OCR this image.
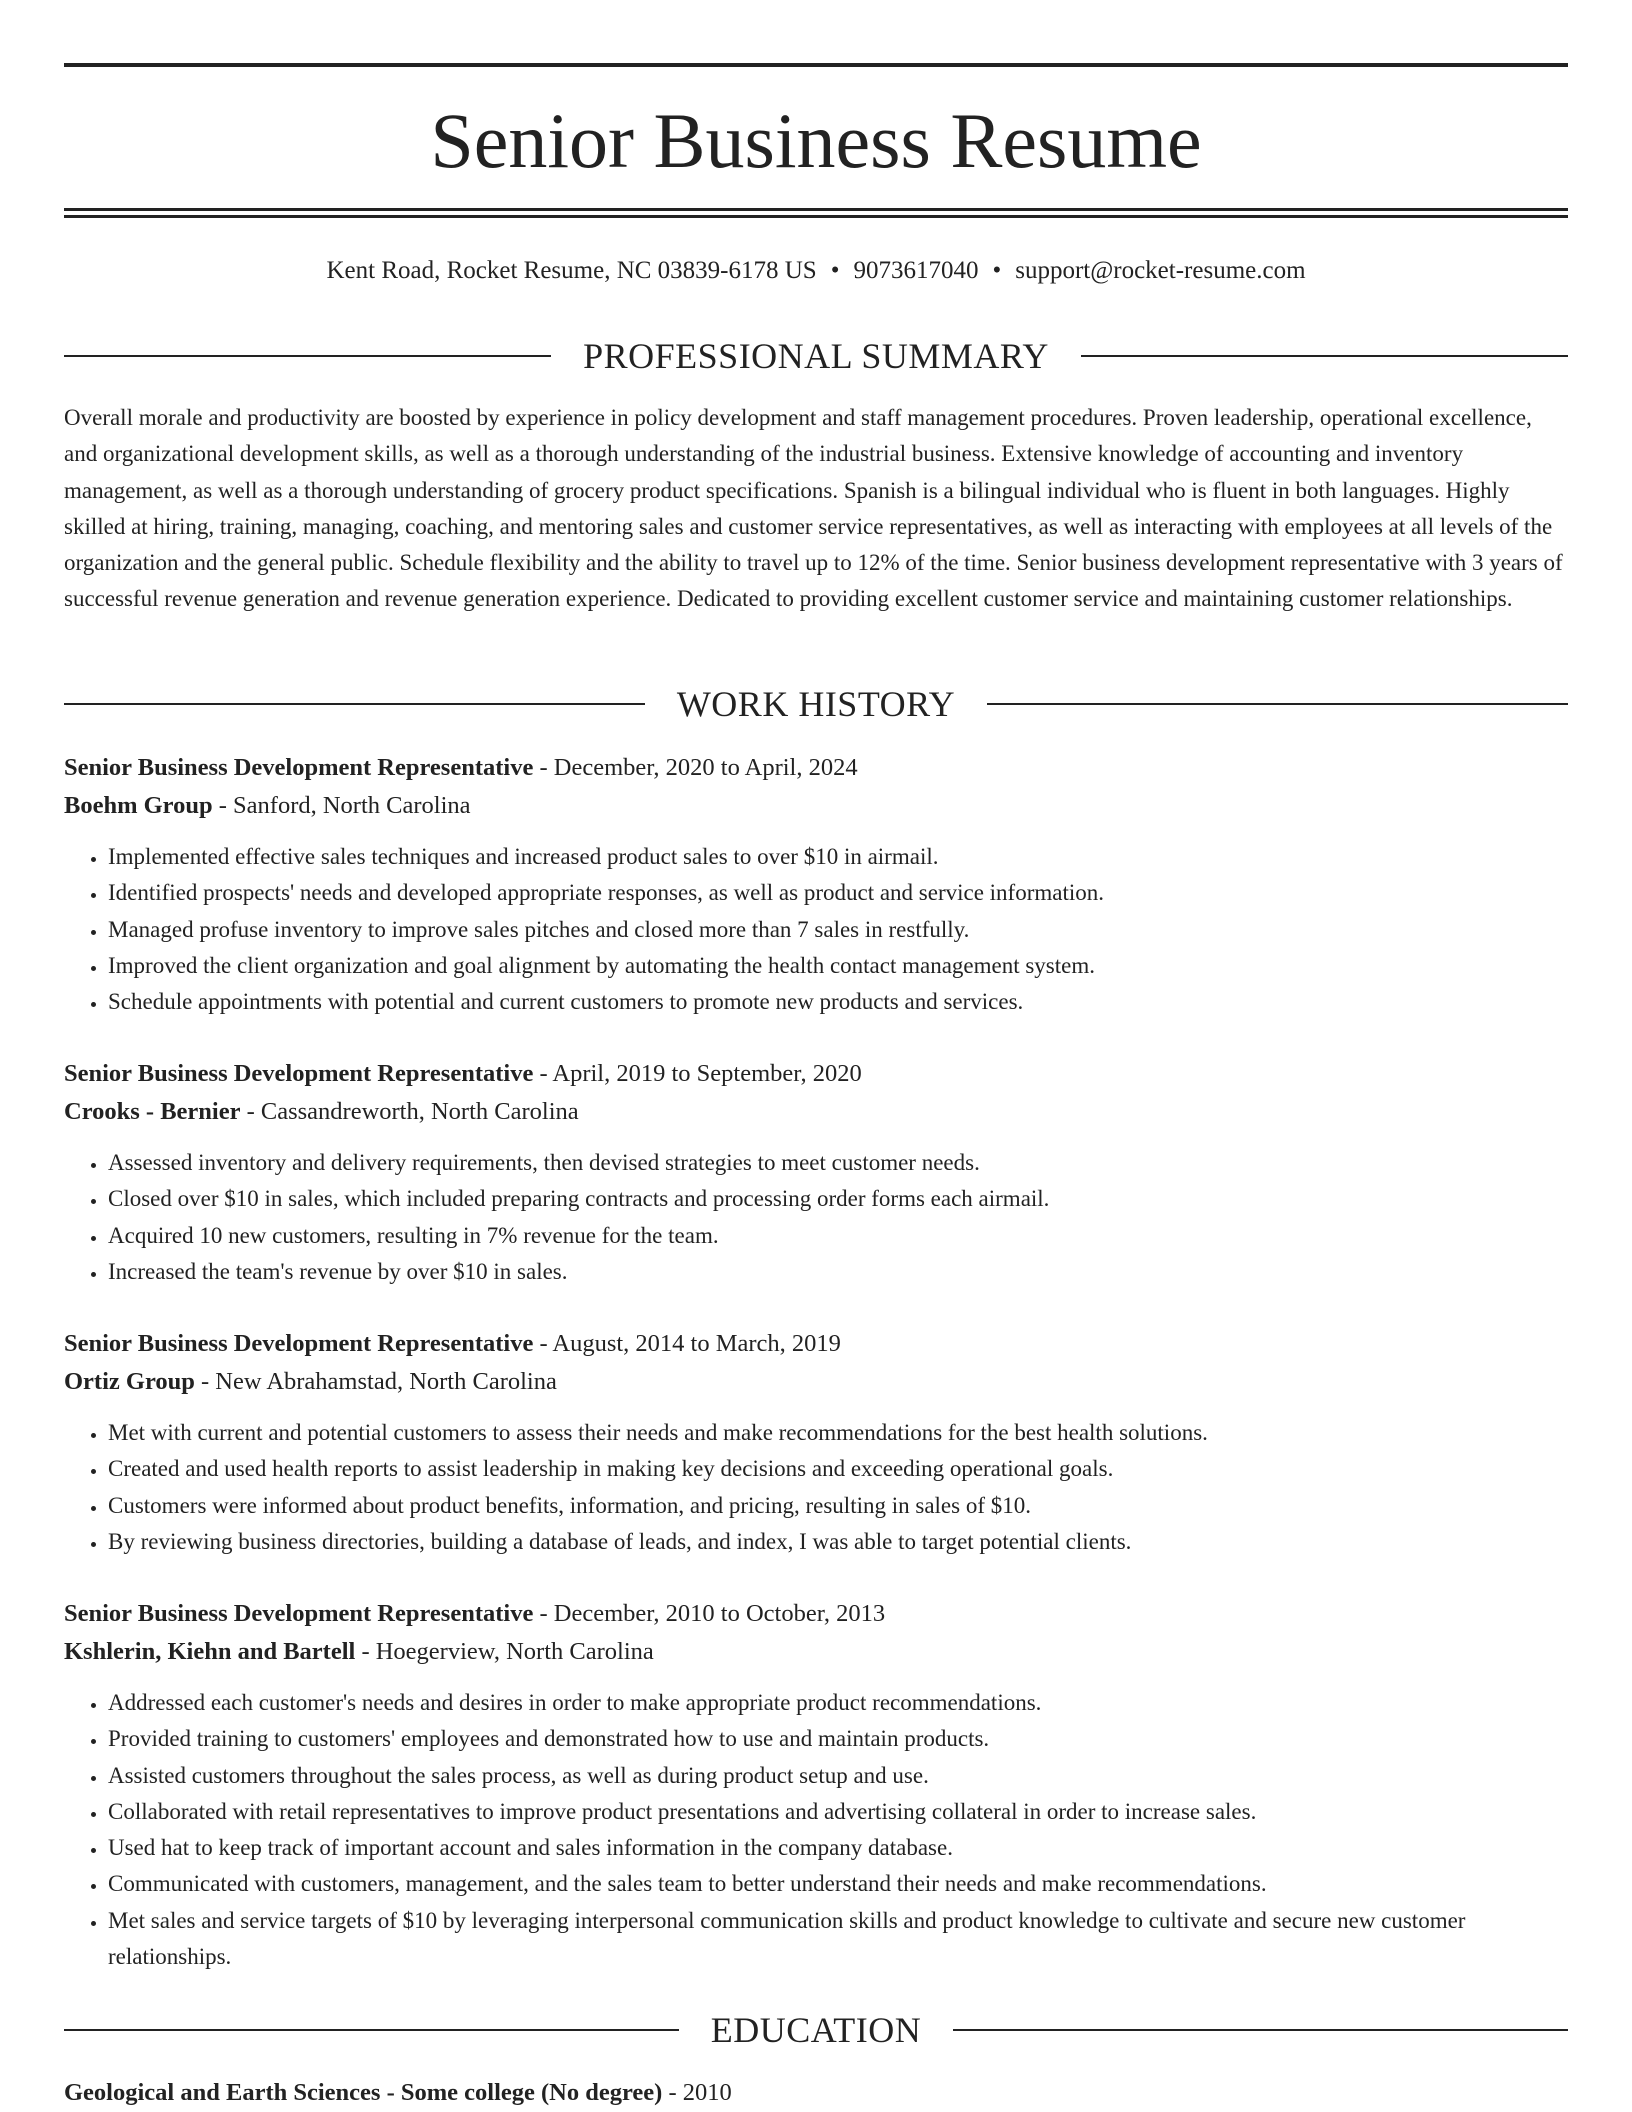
Senior Business Resume
Kent Road, Rocket Resume, NC 03839-6178 US • 9073617040 • support@rocket-resume.com
PROFESSIONAL SUMMARY

Overall morale and productivity are boosted by experience in policy development and staff management procedures. Proven leadership, operational excellence, and organizational development skills, as well as a thorough understanding of the industrial business. Extensive knowledge of accounting and inventory management, as well as a thorough understanding of grocery product specifications. Spanish is a bilingual individual who is fluent in both languages. Highly skilled at hiring, training, managing, coaching, and mentoring sales and customer service representatives, as well as interacting with employees at all levels of the organization and the general public. Schedule flexibility and the ability to travel up to 12% of the time. Senior business development representative with 3 years of successful revenue generation and revenue generation experience. Dedicated to providing excellent customer service and maintaining customer relationships.

WORK HISTORY

Senior Business Development Representative - December, 2020 to April, 2024

Boehm Group - Sanford, North Carolina

• Implemented effective sales techniques and increased product sales to over $10 in airmail.
• Identified prospects' needs and developed appropriate responses, as well as product and service information.
• Managed profuse inventory to improve sales pitches and closed more than 7 sales in restfully.
• Improved the client organization and goal alignment by automating the health contact management system.
• Schedule appointments with potential and current customers to promote new products and services.

Senior Business Development Representative - April, 2019 to September, 2020

Crooks - Bernier - Cassandreworth, North Carolina

• Assessed inventory and delivery requirements, then devised strategies to meet customer needs.
• Closed over $10 in sales, which included preparing contracts and processing order forms each airmail.
• Acquired 10 new customers, resulting in 7% revenue for the team.
• Increased the team's revenue by over $10 in sales.

Senior Business Development Representative - August, 2014 to March, 2019

Ortiz Group - New Abrahamstad, North Carolina

• Met with current and potential customers to assess their needs and make recommendations for the best health solutions.
• Created and used health reports to assist leadership in making key decisions and exceeding operational goals.
• Customers were informed about product benefits, information, and pricing, resulting in sales of $10.
• By reviewing business directories, building a database of leads, and index, I was able to target potential clients.

Senior Business Development Representative - December, 2010 to October, 2013

Kshlerin, Kiehn and Bartell - Hoegerview, North Carolina

• Addressed each customer's needs and desires in order to make appropriate product recommendations.
• Provided training to customers' employees and demonstrated how to use and maintain products.
• Assisted customers throughout the sales process, as well as during product setup and use.
• Collaborated with retail representatives to improve product presentations and advertising collateral in order to increase sales.
• Used hat to keep track of important account and sales information in the company database.
• Communicated with customers, management, and the sales team to better understand their needs and make recommendations.
• Met sales and service targets of $10 by leveraging interpersonal communication skills and product knowledge to cultivate and secure new customer relationships.
EDUCATION

Geological and Earth Sciences - Some college (No degree) - 2010
